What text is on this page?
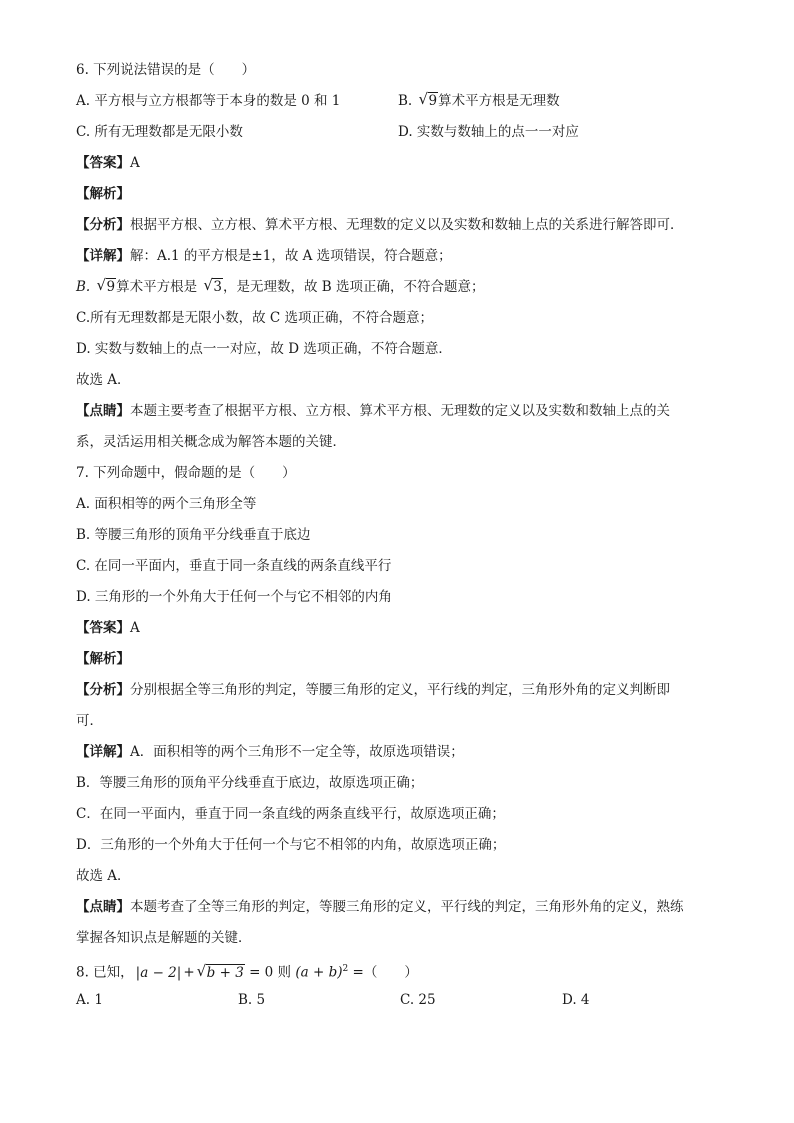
6. 下列说法错误的是（　　）
A. 平方根与立方根都等于本身的数是 0 和 1	B. √ 9算术平方根是无理数
C. 所有无理数都是无限小数	D. 实数与数轴上的点一一对应
【答案】A
【解析】
【分析】根据平方根、立方根、算术平方根、无理数的定义以及实数和数轴上点的关系进行解答即可．
【详解】解：A.1 的平方根是±1，故 A 选项错误，符合题意；
B. √ 9算术平方根是 √ 3，是无理数，故 B 选项正确，不符合题意；
C.所有无理数都是无限小数，故 C 选项正确，不符合题意；
D. 实数与数轴上的点一一对应，故 D 选项正确，不符合题意．
故选 A．
【点睛】本题主要考查了根据平方根、立方根、算术平方根、无理数的定义以及实数和数轴上点的关
系，灵活运用相关概念成为解答本题的关键．
7. 下列命题中，假命题的是（　　）
A. 面积相等的两个三角形全等
B. 等腰三角形的顶角平分线垂直于底边
C. 在同一平面内，垂直于同一条直线的两条直线平行
D. 三角形的一个外角大于任何一个与它不相邻的内角
【答案】A
【解析】
【分析】分别根据全等三角形的判定，等腰三角形的定义，平行线的判定，三角形外角的定义判断即
可．
【详解】A．面积相等的两个三角形不一定全等，故原选项错误；
B．等腰三角形的顶角平分线垂直于底边，故原选项正确；
C．在同一平面内，垂直于同一条直线的两条直线平行，故原选项正确；
D．三角形的一个外角大于任何一个与它不相邻的内角，故原选项正确；
故选 A．
【点睛】本题考查了全等三角形的判定，等腰三角形的定义，平行线的判定，三角形外角的定义，熟练
掌握各知识点是解题的关键．
8. 已知， |a − 2| + √ b + 3 = 0 则 $(a + b)^2$ =（　　）
A. 1	B. 5	C. 25	D. 4
